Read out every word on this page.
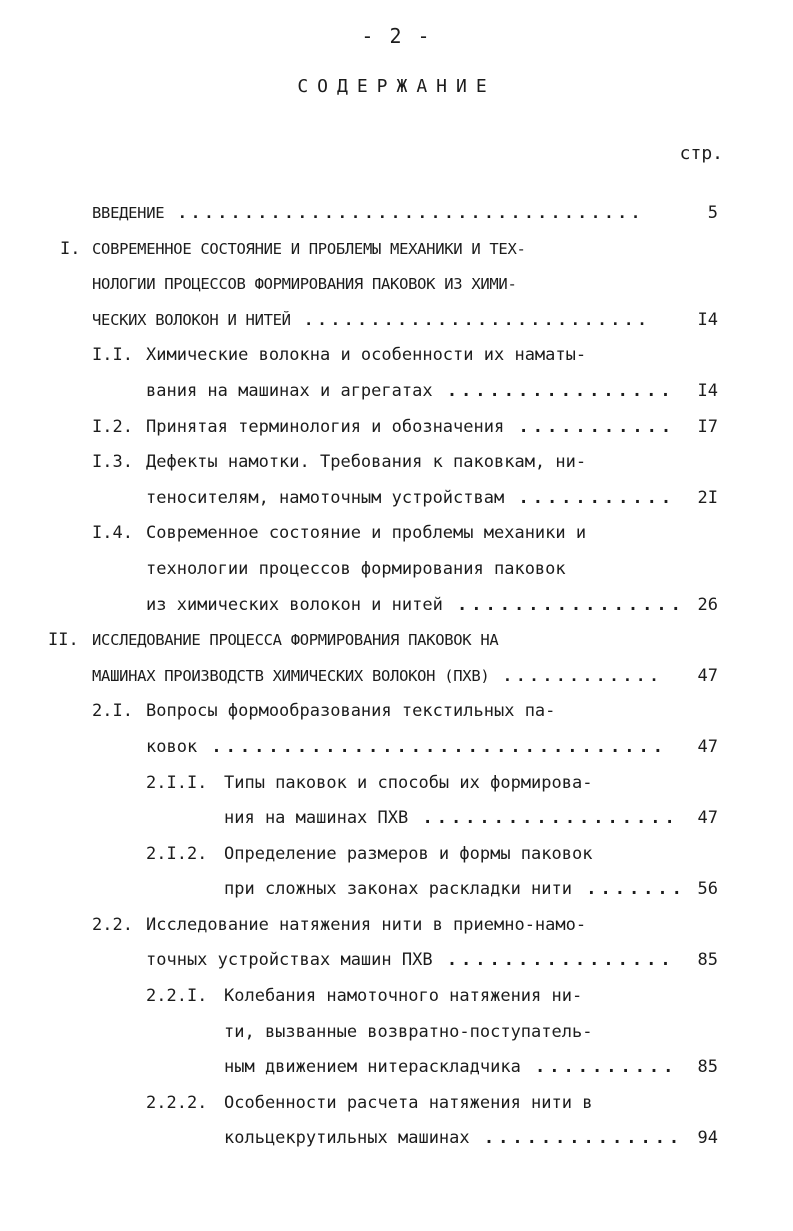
- 2 -
СОДЕРЖАНИЕ
стр.
ВВЕДЕНИЕ ...................................	5
I. СОВРЕМЕННОЕ СОСТОЯНИЕ И ПРОБЛЕМЫ МЕХАНИКИ И ТЕХ-
НОЛОГИИ ПРОЦЕССОВ ФОРМИРОВАНИЯ ПАКОВОК ИЗ ХИМИ-
ЧЕСКИХ ВОЛОКОН И НИТЕЙ ..........................	I4
I.I. Химические волокна и особенности их наматы-
вания на машинах и агрегатах ................ I4
I.2. Принятая терминология и обозначения ........... I7
I.3. Дефекты намотки. Требования к паковкам, ни-
теносителям, намоточным устройствам ........... 2I
I.4. Современное состояние и проблемы механики и
технологии процессов формирования паковок
из химических волокон и нитей ................ 26
II. ИССЛЕДОВАНИЕ ПРОЦЕССА ФОРМИРОВАНИЯ ПАКОВОК НА
МАШИНАХ ПРОИЗВОДСТВ ХИМИЧЕСКИХ ВОЛОКОН (ПХВ) ............ 47
2.I. Вопросы формообразования текстильных па-
ковок ................................ 47
2.I.I. Типы паковок и способы их формирова-
ния на машинах ПХВ .................. 47
2.I.2. Определение размеров и формы паковок
при сложных законах раскладки нити ....... 56
2.2. Исследование натяжения нити в приемно-намо-
точных устройствах машин ПХВ ................ 85
2.2.I. Колебания намоточного натяжения ни-
ти, вызванные возвратно-поступатель-
ным движением нитераскладчика .......... 85
2.2.2. Особенности расчета натяжения нити в
кольцекрутильных машинах .............. 94
